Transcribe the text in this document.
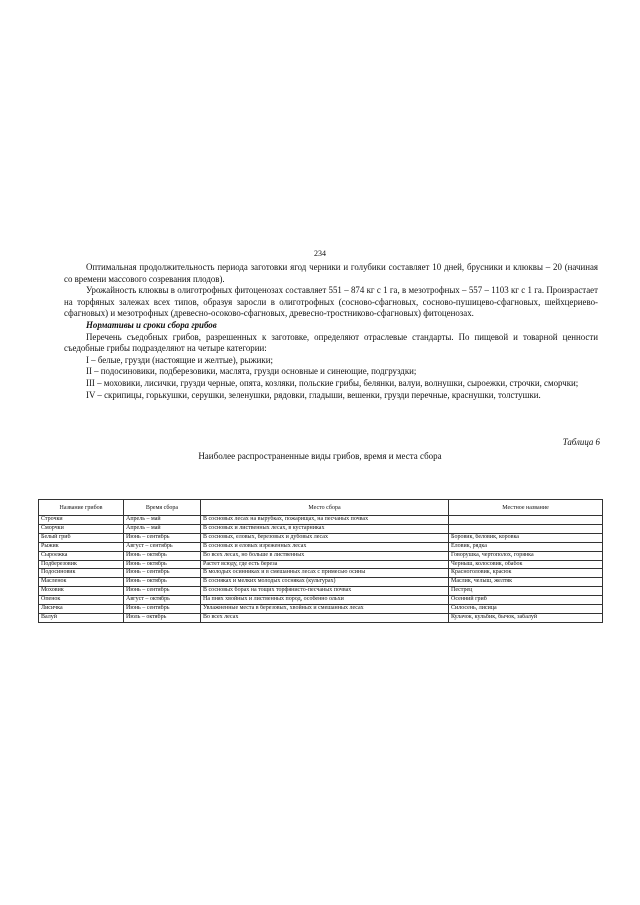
234

Оптимальная продолжительность периода заготовки ягод черники и голубики составляет 10 дней, брусники и клюквы – 20 (начиная со времени массового созревания плодов).

Урожайность клюквы в олиготрофных фитоценозах составляет 551 – 874 кг с 1 га, в мезотрофных – 557 – 1103 кг с 1 га. Произрастает на торфяных залежах всех типов, образуя заросли в олиготрофных (сосново-сфагновых, сосново-пушицево-сфагновых, шейхцериево-сфагновых) и мезотрофных (древесно-осоково-сфагновых, древесно-тростниково-сфагновых) фитоценозах.

Нормативы и сроки сбора грибов

Перечень съедобных грибов, разрешенных к заготовке, определяют отраслевые стандарты. По пищевой и товарной ценности съедобные грибы подразделяют на четыре категории:

I – белые, грузди (настоящие и желтые), рыжики;

II – подосиновики, подберезовики, маслята, грузди основные и синеющие, подгруздки;

III – моховики, лисички, грузди черные, опята, козляки, польские грибы, белянки, валуи, волнушки, сыроежки, строчки, сморчки;

IV – скрипицы, горькушки, серушки, зеленушки, рядовки, гладыши, вешенки, грузди перечные, краснушки, толстушки.

Таблица 6
Наиболее распространенные виды грибов, время и места сбора
Название грибов	Время сбора	Место сбора	Местное название
Строчки	Апрель – май	В сосновых лесах на вырубках, пожарищах, на песчаных почвах	
Сморчки	Апрель – май	В сосновых и лиственных лесах, в кустарниках	
Белый гриб	Июнь – сентябрь	В сосновых, еловых, березовых и дубовых лесах	Боровик, беловик, коровка
Рыжик	Август – сентябрь	В сосновых и еловых изреженных лесах	Еловик, рядка
Сыроежка	Июнь – октябрь	Во всех лесах, но больше в лиственных	Говорушка, чертополох, горянка
Подберезовик	Июнь – октябрь	Растет всюду, где есть береза	Черныш, колосовик, обабок
Подосиновик	Июнь – сентябрь	В молодых осинниках и в смешанных лесах с примесью осины	Красноголовик, красюк
Масленок	Июнь – октябрь	В сосняках и мелких молодых сосняках (культурах)	Маслик, челыш, желтяк
Моховик	Июнь – сентябрь	В сосновых борах на тощих торфянисто-песчаных почвах	Пестрец
Опенок	Август – октябрь	На пнях хвойных и лиственных пород, особенно ольхи	Осенний гриб
Лисичка	Июнь – сентябрь	Увлажненные места в березовых, хвойных и смешанных лесах	Силосень, лисица
Валуй	Июль – октябрь	Во всех лесах	Кулачок, кульбик, бычок, забалуй
